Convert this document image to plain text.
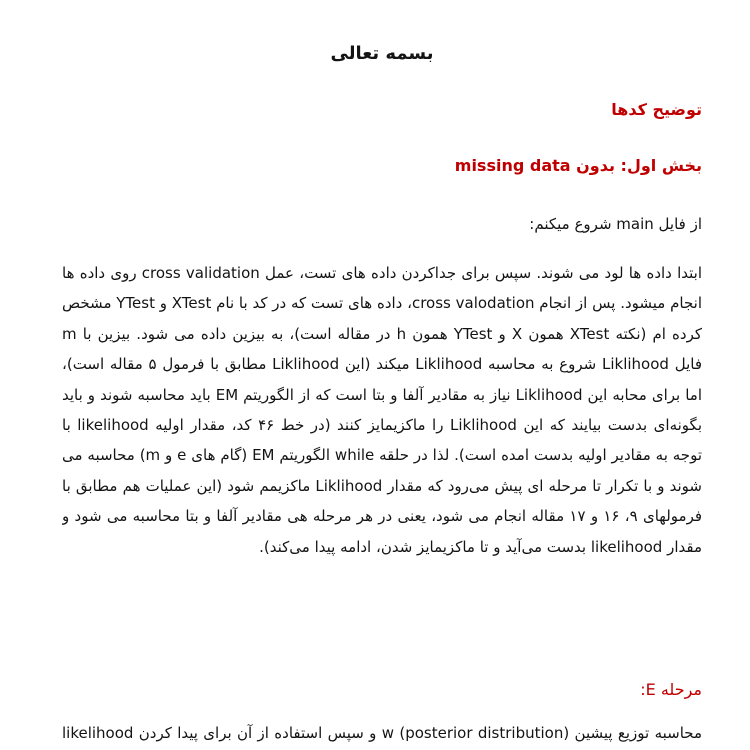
بسمه تعالی
توضیح کدها
بخش اول: بدون missing data

از فایل main شروع میکنم:

ابتدا داده ها لود می شوند. سپس برای جداکردن داده های تست، عمل cross validation روی داده ها انجام میشود. پس از انجام cross valodation، داده های تست که در کد با نام XTest و YTest مشخص کرده ام (نکته XTest همون X و YTest همون h در مقاله است)، به بیزین داده می شود. بیزین با m فایل Liklihood شروع به محاسبه Liklihood میکند (این Liklihood مطابق با فرمول ۵ مقاله است)، اما برای محابه این Liklihood نیاز به مقادیر آلفا و بتا است که از الگوریتم EM باید محاسبه شوند و باید بگونه‌ای بدست بیایند که این Liklihood را ماکزیمایز کنند (در خط ۴۶ کد، مقدار اولیه likelihood با توجه به مقادیر اولیه بدست امده است). لذا در حلقه while الگوریتم EM (گام های e و m) محاسبه می شوند و با تکرار تا مرحله ای پیش می‌رود که مقدار Liklihood ماکزیمم شود (این عملیات هم مطابق با فرمولهای ۹، ۱۶ و ۱۷ مقاله انجام می شود، یعنی در هر مرحله هی مقادیر آلفا و بتا محاسبه می شود و مقدار likelihood بدست می‌آید و تا ماکزیمایز شدن، ادامه پیدا می‌کند).

مرحله E:

محاسبه توزیع پیشین (posterior distribution) w و سپس استفاده از آن برای پیدا کردن likelihood
